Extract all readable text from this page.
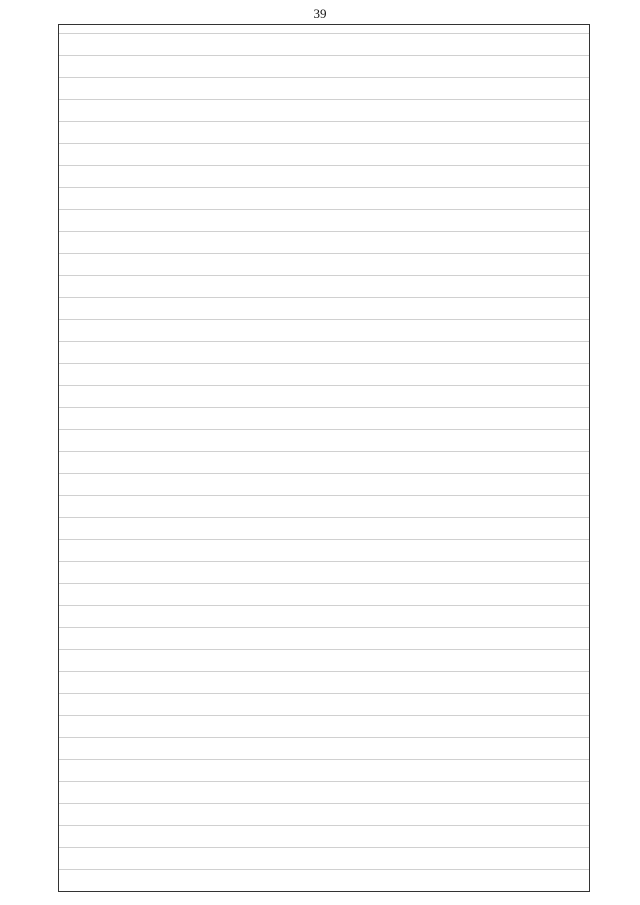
39
